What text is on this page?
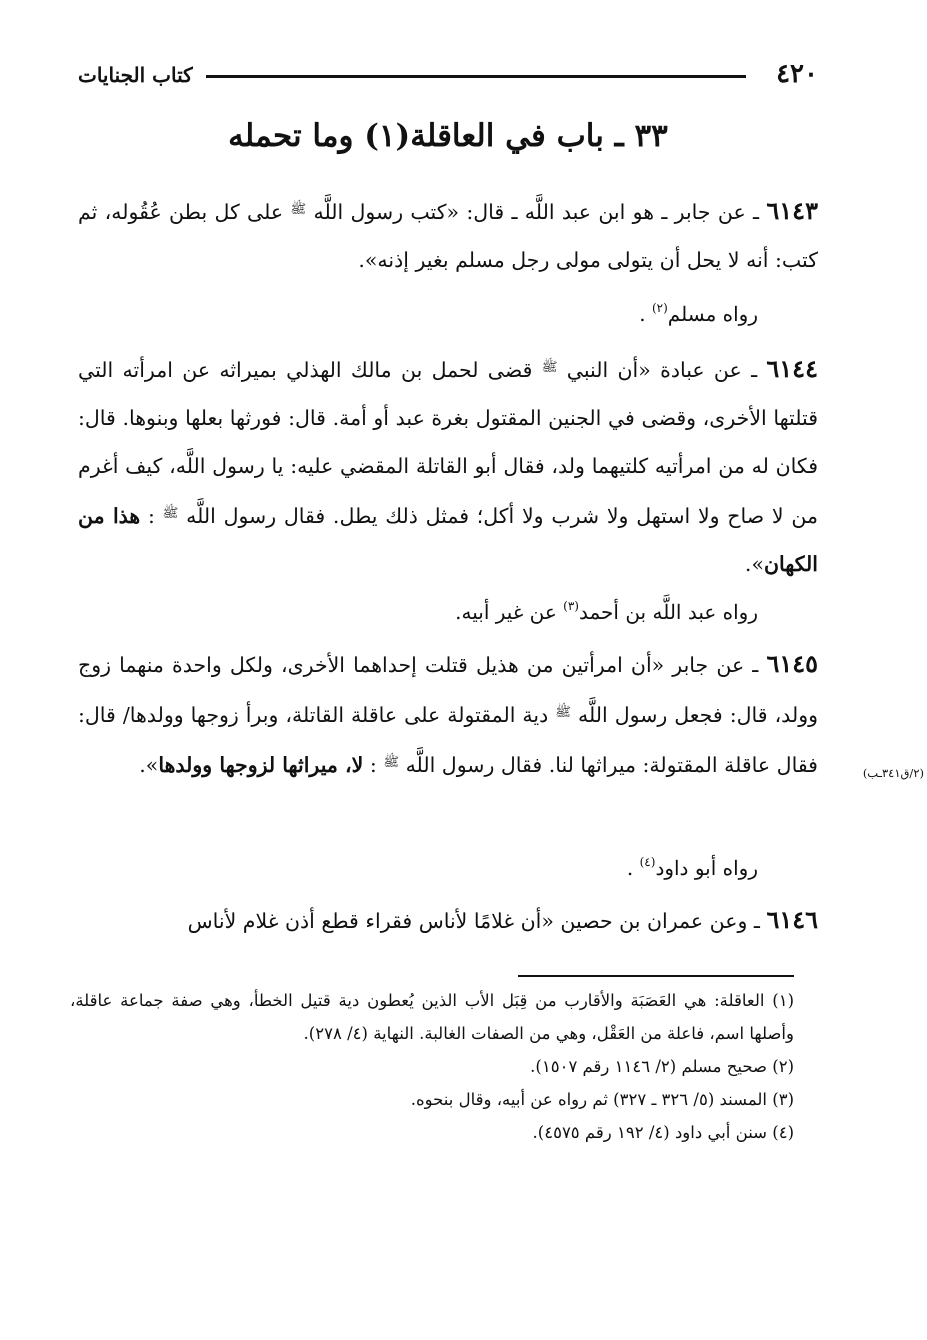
٤٢٠
كتاب الجنايات
٣٣ ـ باب في العاقلة(١) وما تحمله
٦١٤٣ ـ عن جابر ـ هو ابن عبد اللَّه ـ قال: «كتب رسول اللَّه $^ﷺ$ على كل بطن عُقُوله، ثم كتب: أنه لا يحل أن يتولى مولى رجل مسلم بغير إذنه».
رواه مسلم$^{(٢)}$ .
٦١٤٤ ـ عن عبادة «أن النبي $^ﷺ$ قضى لحمل بن مالك الهذلي بميراثه عن امرأته التي قتلتها الأخرى، وقضى في الجنين المقتول بغرة عبد أو أمة. قال: فورثها بعلها وبنوها. قال: فكان له من امرأتيه كلتيهما ولد، فقال أبو القاتلة المقضي عليه: يا رسول اللَّه، كيف أغرم من لا صاح ولا استهل ولا شرب ولا أكل؛ فمثل ذلك يطل. فقال رسول اللَّه $^ﷺ$ : هذا من الكهان».
رواه عبد اللَّه بن أحمد$^{(٣)}$ عن غير أبيه.
٦١٤٥ ـ عن جابر «أن امرأتين من هذيل قتلت إحداهما الأخرى، ولكل واحدة منهما زوج وولد، قال: فجعل رسول اللَّه $^ﷺ$ دية المقتولة على عاقلة القاتلة، وبرأ زوجها وولدها/ قال: فقال عاقلة المقتولة: ميراثها لنا. فقال رسول اللَّه $^ﷺ$ : لا، ميراثها لزوجها وولدها».	(٢/ق٣٤١ـب)
رواه أبو داود$^{(٤)}$ .
٦١٤٦ ـ وعن عمران بن حصين «أن غلامًا لأناس فقراء قطع أذن غلام لأناس

(١) العاقلة: هي العَصَبَة والأقارب من قِبَل الأب الذين يُعطون دية قتيل الخطأ، وهي صفة جماعة عاقلة، وأصلها اسم، فاعلة من العَقْل، وهي من الصفات الغالبة. النهاية (٤/ ٢٧٨).

(٢) صحيح مسلم (٢/ ١١٤٦ رقم ١٥٠٧).

(٣) المسند (٥/ ٣٢٦ ـ ٣٢٧) ثم رواه عن أبيه، وقال بنحوه.

(٤) سنن أبي داود (٤/ ١٩٢ رقم ٤٥٧٥).
